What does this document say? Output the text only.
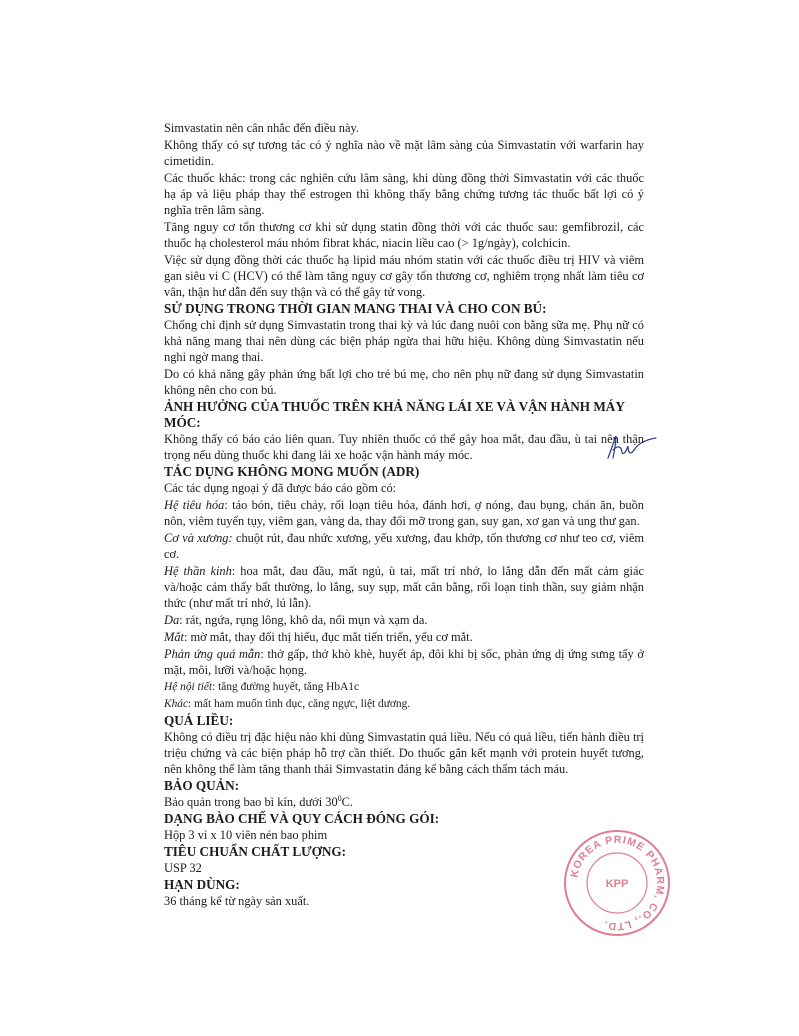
Simvastatin nên cân nhắc đến điều này.

Không thấy có sự tương tác có ý nghĩa nào về mặt lâm sàng của Simvastatin với warfarin hay cimetidin.

Các thuốc khác: trong các nghiên cứu lâm sàng, khi dùng đồng thời Simvastatin với các thuốc hạ áp và liệu pháp thay thế estrogen thì không thấy bằng chứng tương tác thuốc bất lợi có ý nghĩa trên lâm sàng.

Tăng nguy cơ tổn thương cơ khi sử dụng statin đồng thời với các thuốc sau: gemfibrozil, các thuốc hạ cholesterol máu nhóm fibrat khác, niacin liều cao (> 1g/ngày), colchicin.

Việc sử dụng đồng thời các thuốc hạ lipid máu nhóm statin với các thuốc điều trị HIV và viêm gan siêu vi C (HCV) có thể làm tăng nguy cơ gây tổn thương cơ, nghiêm trọng nhất làm tiêu cơ vân, thận hư dẫn đến suy thận và có thể gây tử vong.

SỬ DỤNG TRONG THỜI GIAN MANG THAI VÀ CHO CON BÚ:

Chống chỉ định sử dụng Simvastatin trong thai kỳ và lúc đang nuôi con bằng sữa mẹ. Phụ nữ có khả năng mang thai nên dùng các biện pháp ngừa thai hữu hiệu. Không dùng Simvastatin nếu nghi ngờ mang thai.

Do có khả năng gây phản ứng bất lợi cho trẻ bú mẹ, cho nên phụ nữ đang sử dụng Simvastatin không nên cho con bú.

ẢNH HƯỞNG CỦA THUỐC TRÊN KHẢ NĂNG LÁI XE VÀ VẬN HÀNH MÁY MÓC:

Không thấy có báo cáo liên quan. Tuy nhiên thuốc có thể gây hoa mắt, đau đầu, ù tai nên thận trọng nếu dùng thuốc khi đang lái xe hoặc vận hành máy móc.

TÁC DỤNG KHÔNG MONG MUỐN (ADR)

Các tác dụng ngoại ý đã được báo cáo gồm có:

Hệ tiêu hóa: táo bón, tiêu chảy, rối loạn tiêu hóa, đánh hơi, ợ nóng, đau bụng, chán ăn, buồn nôn, viêm tuyến tụy, viêm gan, vàng da, thay đổi mỡ trong gan, suy gan, xơ gan và ung thư gan.

Cơ và xương: chuột rút, đau nhức xương, yếu xương, đau khớp, tổn thương cơ như teo cơ, viêm cơ.

Hệ thần kinh: hoa mắt, đau đầu, mất ngủ, ù tai, mất trí nhớ, lo lắng dẫn đến mất cảm giác và/hoặc cảm thấy bất thường, lo lắng, suy sụp, mất cân bằng, rối loạn tinh thần, suy giảm nhận thức (như mất trí nhớ, lú lẫn).

Da: rát, ngứa, rụng lông, khô da, nổi mụn và xạm da.

Mắt: mờ mắt, thay đổi thị hiếu, đục mắt tiến triển, yếu cơ mắt.

Phản ứng quá mẫn: thở gấp, thở khò khè, huyết áp, đôi khi bị sốc, phản ứng dị ứng sưng tấy ở mặt, môi, lưỡi và/hoặc họng.

Hệ nội tiết: tăng đường huyết, tăng HbA1c

Khác: mất ham muốn tình dục, căng ngực, liệt dương.

QUÁ LIỀU:

Không có điều trị đặc hiệu nào khi dùng Simvastatin quá liều. Nếu có quá liều, tiến hành điều trị triệu chứng và các biện pháp hỗ trợ cần thiết. Do thuốc gắn kết mạnh với protein huyết tương, nên không thể làm tăng thanh thải Simvastatin đáng kể bằng cách thẩm tách máu.

BẢO QUẢN:

Bảo quản trong bao bì kín, dưới $30^0C$.

DẠNG BÀO CHẾ VÀ QUY CÁCH ĐÓNG GÓI:

Hộp 3 vỉ x 10 viên nén bao phim

TIÊU CHUẨN CHẤT LƯỢNG:

USP 32

HẠN DÙNG:

36 tháng kể từ ngày sản xuất.

KOREA PRIME PHARM. CO., LTD.
KPP
